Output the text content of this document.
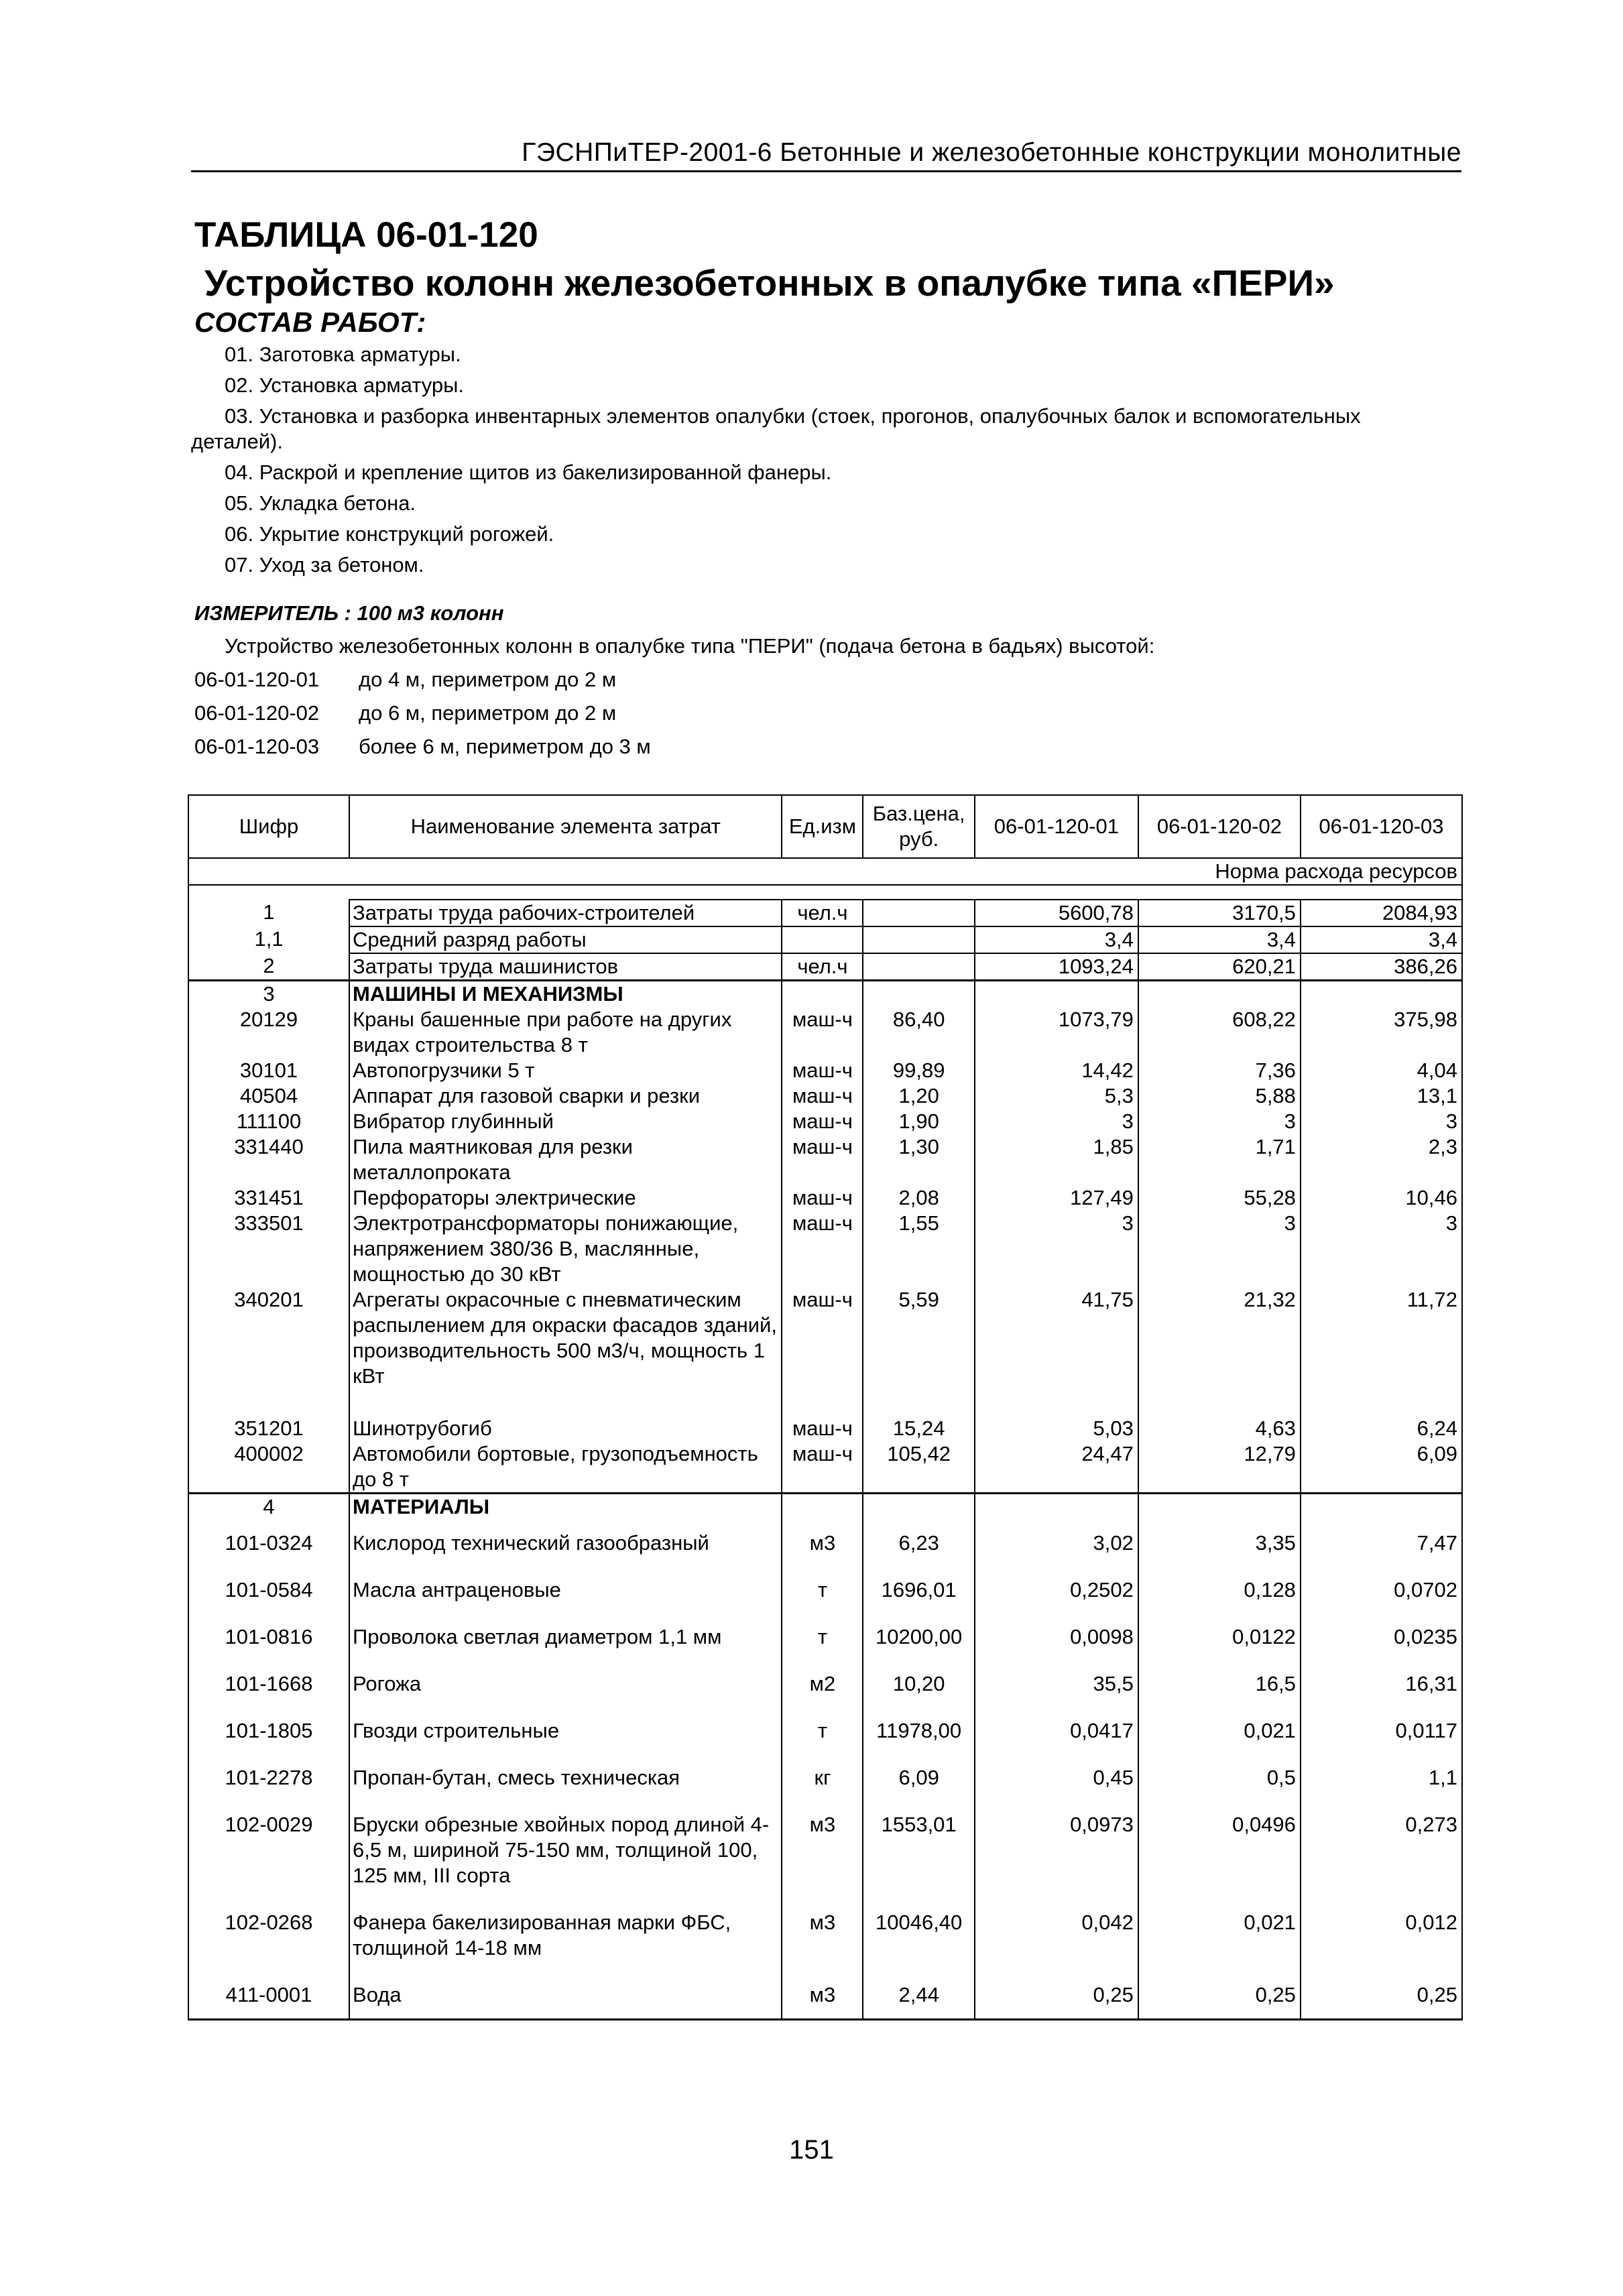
ГЭСНПиТЕР-2001-6 Бетонные и железобетонные конструкции монолитные
ТАБЛИЦА 06-01-120
Устройство колонн железобетонных в опалубке типа «ПЕРИ»
СОСТАВ РАБОТ:
01. Заготовка арматуры.
02. Установка арматуры.
03. Установка и разборка инвентарных элементов опалубки (стоек, прогонов, опалубочных балок и вспомогательных деталей).
04. Раскрой и крепление щитов из бакелизированной фанеры.
05. Укладка бетона.
06. Укрытие конструкций рогожей.
07. Уход за бетоном.
ИЗМЕРИТЕЛЬ : 100 м3 колонн
Устройство железобетонных колонн в опалубке типа "ПЕРИ" (подача бетона в бадьях) высотой:
06-01-120-01 до 4 м, периметром до 2 м
06-01-120-02 до 6 м, периметром до 2 м
06-01-120-03 более 6 м, периметром до 3 м
Шифр	Наименование элемента затрат	Ед.изм	Баз.цена, руб.	06-01-120-01	06-01-120-02	06-01-120-03
Норма расхода ресурсов						

1	Затраты труда рабочих-строителей	чел.ч		5600,78	3170,5	2084,93
1,1	Средний разряд работы			3,4	3,4	3,4
2	Затраты труда машинистов	чел.ч		1093,24	620,21	386,26
3	МАШИНЫ И МЕХАНИЗМЫ					
20129	Краны башенные при работе на других видах строительства 8 т	маш-ч	86,40	1073,79	608,22	375,98
30101	Автопогрузчики 5 т	маш-ч	99,89	14,42	7,36	4,04
40504	Аппарат для газовой сварки и резки	маш-ч	1,20	5,3	5,88	13,1
111100	Вибратор глубинный	маш-ч	1,90	3	3	3
331440	Пила маятниковая для резки металлопроката	маш-ч	1,30	1,85	1,71	2,3
331451	Перфораторы электрические	маш-ч	2,08	127,49	55,28	10,46
333501	Электротрансформаторы понижающие, напряжением 380/36 В, маслянные, мощностью до 30 кВт	маш-ч	1,55	3	3	3
340201	Агрегаты окрасочные с пневматическим распылением для окраски фасадов зданий, производительность 500 м3/ч, мощность 1 кВт	маш-ч	5,59	41,75	21,32	11,72
351201	Шинотрубогиб	маш-ч	15,24	5,03	4,63	6,24
400002	Автомобили бортовые, грузоподъемность до 8 т	маш-ч	105,42	24,47	12,79	6,09
4	МАТЕРИАЛЫ					
101-0324	Кислород технический газообразный	м3	6,23	3,02	3,35	7,47
101-0584	Масла антраценовые	т	1696,01	0,2502	0,128	0,0702
101-0816	Проволока светлая диаметром 1,1 мм	т	10200,00	0,0098	0,0122	0,0235
101-1668	Рогожа	м2	10,20	35,5	16,5	16,31
101-1805	Гвозди строительные	т	11978,00	0,0417	0,021	0,0117
101-2278	Пропан-бутан, смесь техническая	кг	6,09	0,45	0,5	1,1
102-0029	Бруски обрезные хвойных пород длиной 4-6,5 м, шириной 75-150 мм, толщиной 100, 125 мм, III сорта	м3	1553,01	0,0973	0,0496	0,273
102-0268	Фанера бакелизированная марки ФБС, толщиной 14-18 мм	м3	10046,40	0,042	0,021	0,012
411-0001	Вода	м3	2,44	0,25	0,25	0,25
151
